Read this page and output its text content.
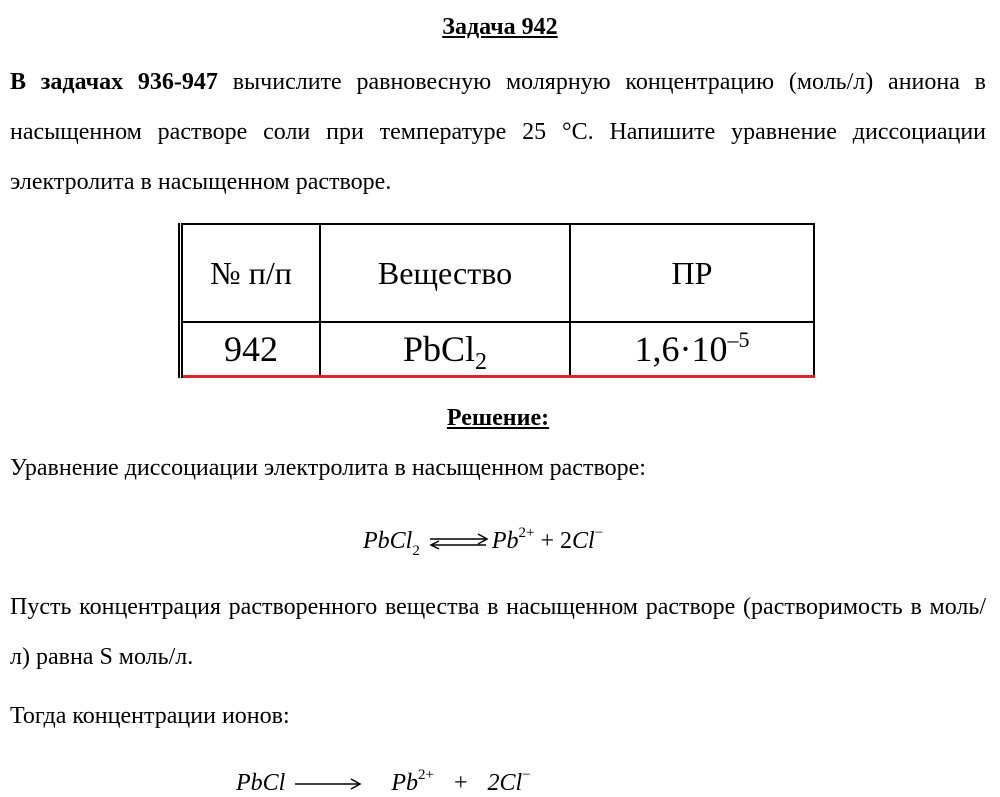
Задача 942
В задачах 936-947 вычислите равновесную молярную концентрацию (моль/л) аниона в насыщенном растворе соли при температуре 25 °С. Напишите уравнение диссоциации электролита в насыщенном растворе.
№ п/п	Вещество	ПР
942	PbCl$_2$	$1,6\cdot 10^{-5}$
Решение:
Уравнение диссоциации электролита в насыщенном растворе:
PbCl$_2$ ⇌ $Pb^{2+} + 2Cl^-$
Пусть концентрация растворенного вещества в насыщенном растворе (растворимость в моль/л) равна S моль/л.
Тогда концентрации ионов:
PbCl	$Pb^{2+} + 2Cl^-$
